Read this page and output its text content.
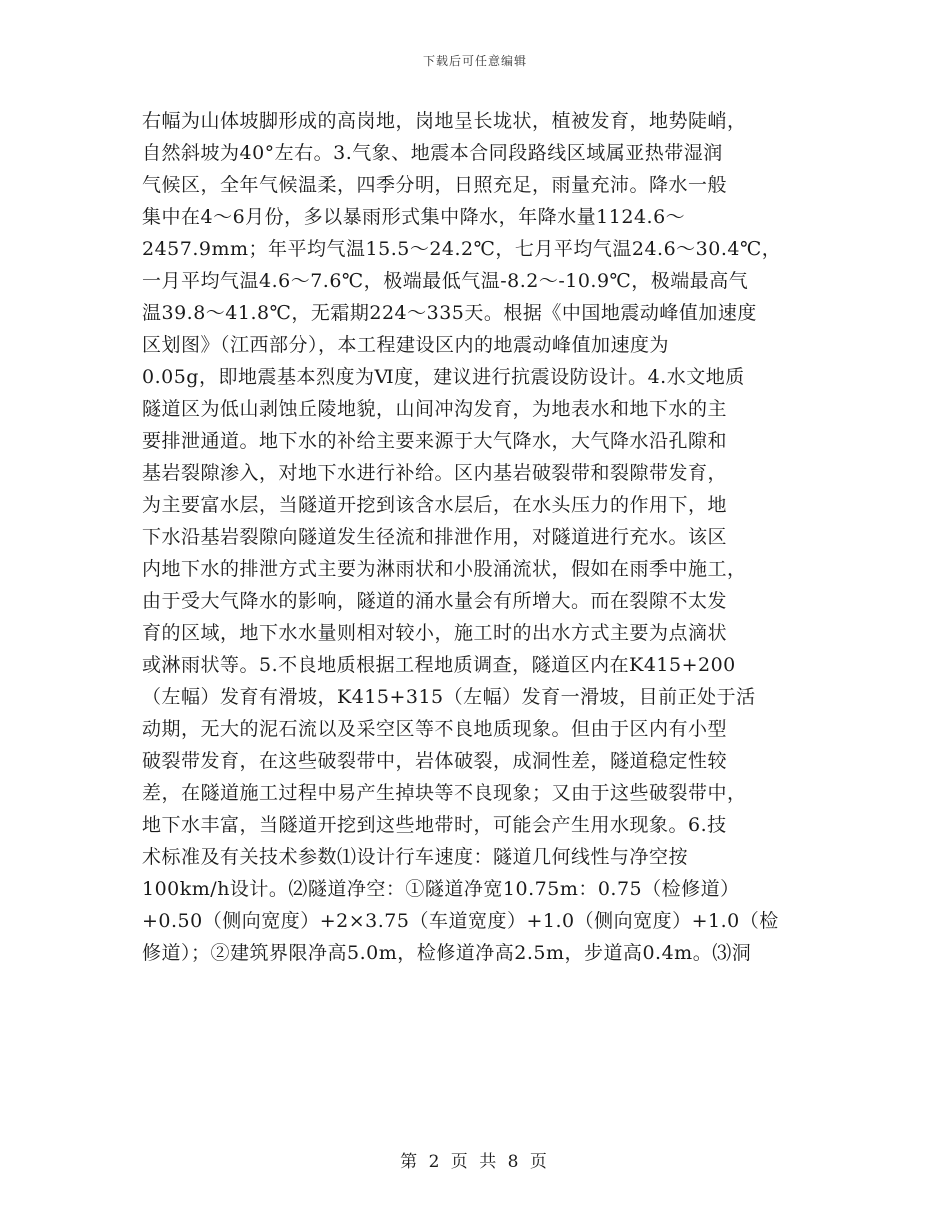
下载后可任意编辑
右幅为山体坡脚形成的高岗地，岗地呈长垅状，植被发育，地势陡峭，
自然斜坡为40°左右。3.气象、地震本合同段路线区域属亚热带湿润
气候区，全年气候温柔，四季分明，日照充足，雨量充沛。降水一般
集中在4～6月份，多以暴雨形式集中降水，年降水量1124.6～
2457.9mm；年平均气温15.5～24.2℃，七月平均气温24.6～30.4℃，
一月平均气温4.6～7.6℃，极端最低气温-8.2～-10.9℃，极端最高气
温39.8～41.8℃，无霜期224～335天。根据《中国地震动峰值加速度
区划图》（江西部分），本工程建设区内的地震动峰值加速度为
0.05g，即地震基本烈度为Ⅵ度，建议进行抗震设防设计。4.水文地质
隧道区为低山剥蚀丘陵地貌，山间冲沟发育，为地表水和地下水的主
要排泄通道。地下水的补给主要来源于大气降水，大气降水沿孔隙和
基岩裂隙渗入，对地下水进行补给。区内基岩破裂带和裂隙带发育，
为主要富水层，当隧道开挖到该含水层后，在水头压力的作用下，地
下水沿基岩裂隙向隧道发生径流和排泄作用，对隧道进行充水。该区
内地下水的排泄方式主要为淋雨状和小股涌流状，假如在雨季中施工，
由于受大气降水的影响，隧道的涌水量会有所增大。而在裂隙不太发
育的区域，地下水水量则相对较小，施工时的出水方式主要为点滴状
或淋雨状等。5.不良地质根据工程地质调查，隧道区内在K415+200
（左幅）发育有滑坡，K415+315（左幅）发育一滑坡，目前正处于活
动期，无大的泥石流以及采空区等不良地质现象。但由于区内有小型
破裂带发育，在这些破裂带中，岩体破裂，成洞性差，隧道稳定性较
差，在隧道施工过程中易产生掉块等不良现象；又由于这些破裂带中，
地下水丰富，当隧道开挖到这些地带时，可能会产生用水现象。6.技
术标准及有关技术参数⑴设计行车速度：隧道几何线性与净空按
100km/h设计。⑵隧道净空：①隧道净宽10.75m：0.75（检修道）
+0.50（侧向宽度）+2×3.75（车道宽度）+1.0（侧向宽度）+1.0（检
修道）；②建筑界限净高5.0m，检修道净高2.5m，步道高0.4m。⑶洞
第 2 页 共 8 页
